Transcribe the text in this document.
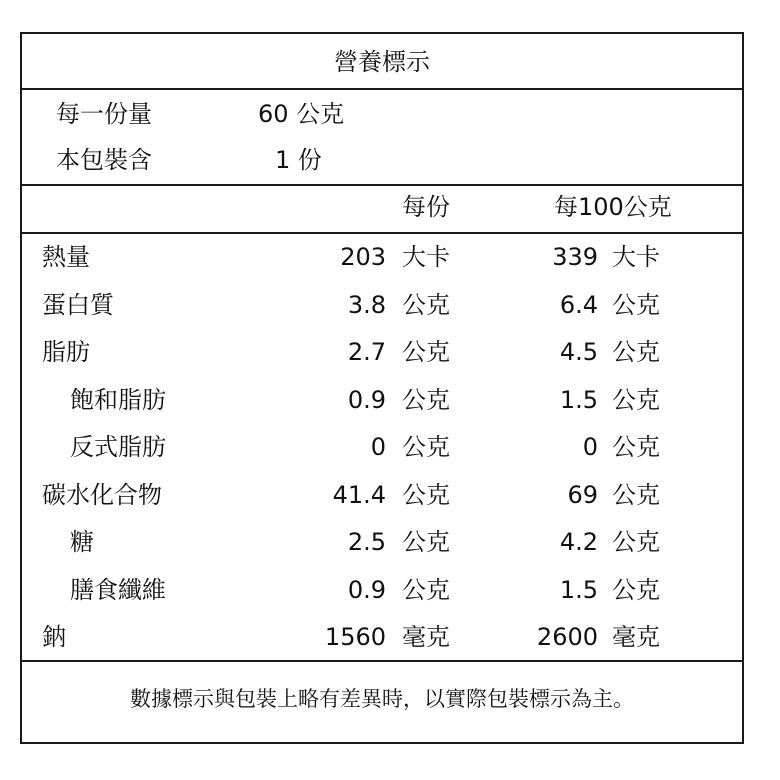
營養標示
每一份量	60 公克
本包裝含	1 份
每份	每100公克
熱量	203 大卡	339 大卡
蛋白質	3.8 公克	6.4 公克
脂肪	2.7 公克	4.5 公克
飽和脂肪	0.9 公克	1.5 公克
反式脂肪	0 公克	0 公克
碳水化合物	41.4 公克	69 公克
糖	2.5 公克	4.2 公克
膳食纖維	0.9 公克	1.5 公克
鈉	1560 毫克	2600 毫克
數據標示與包裝上略有差異時，以實際包裝標示為主。
